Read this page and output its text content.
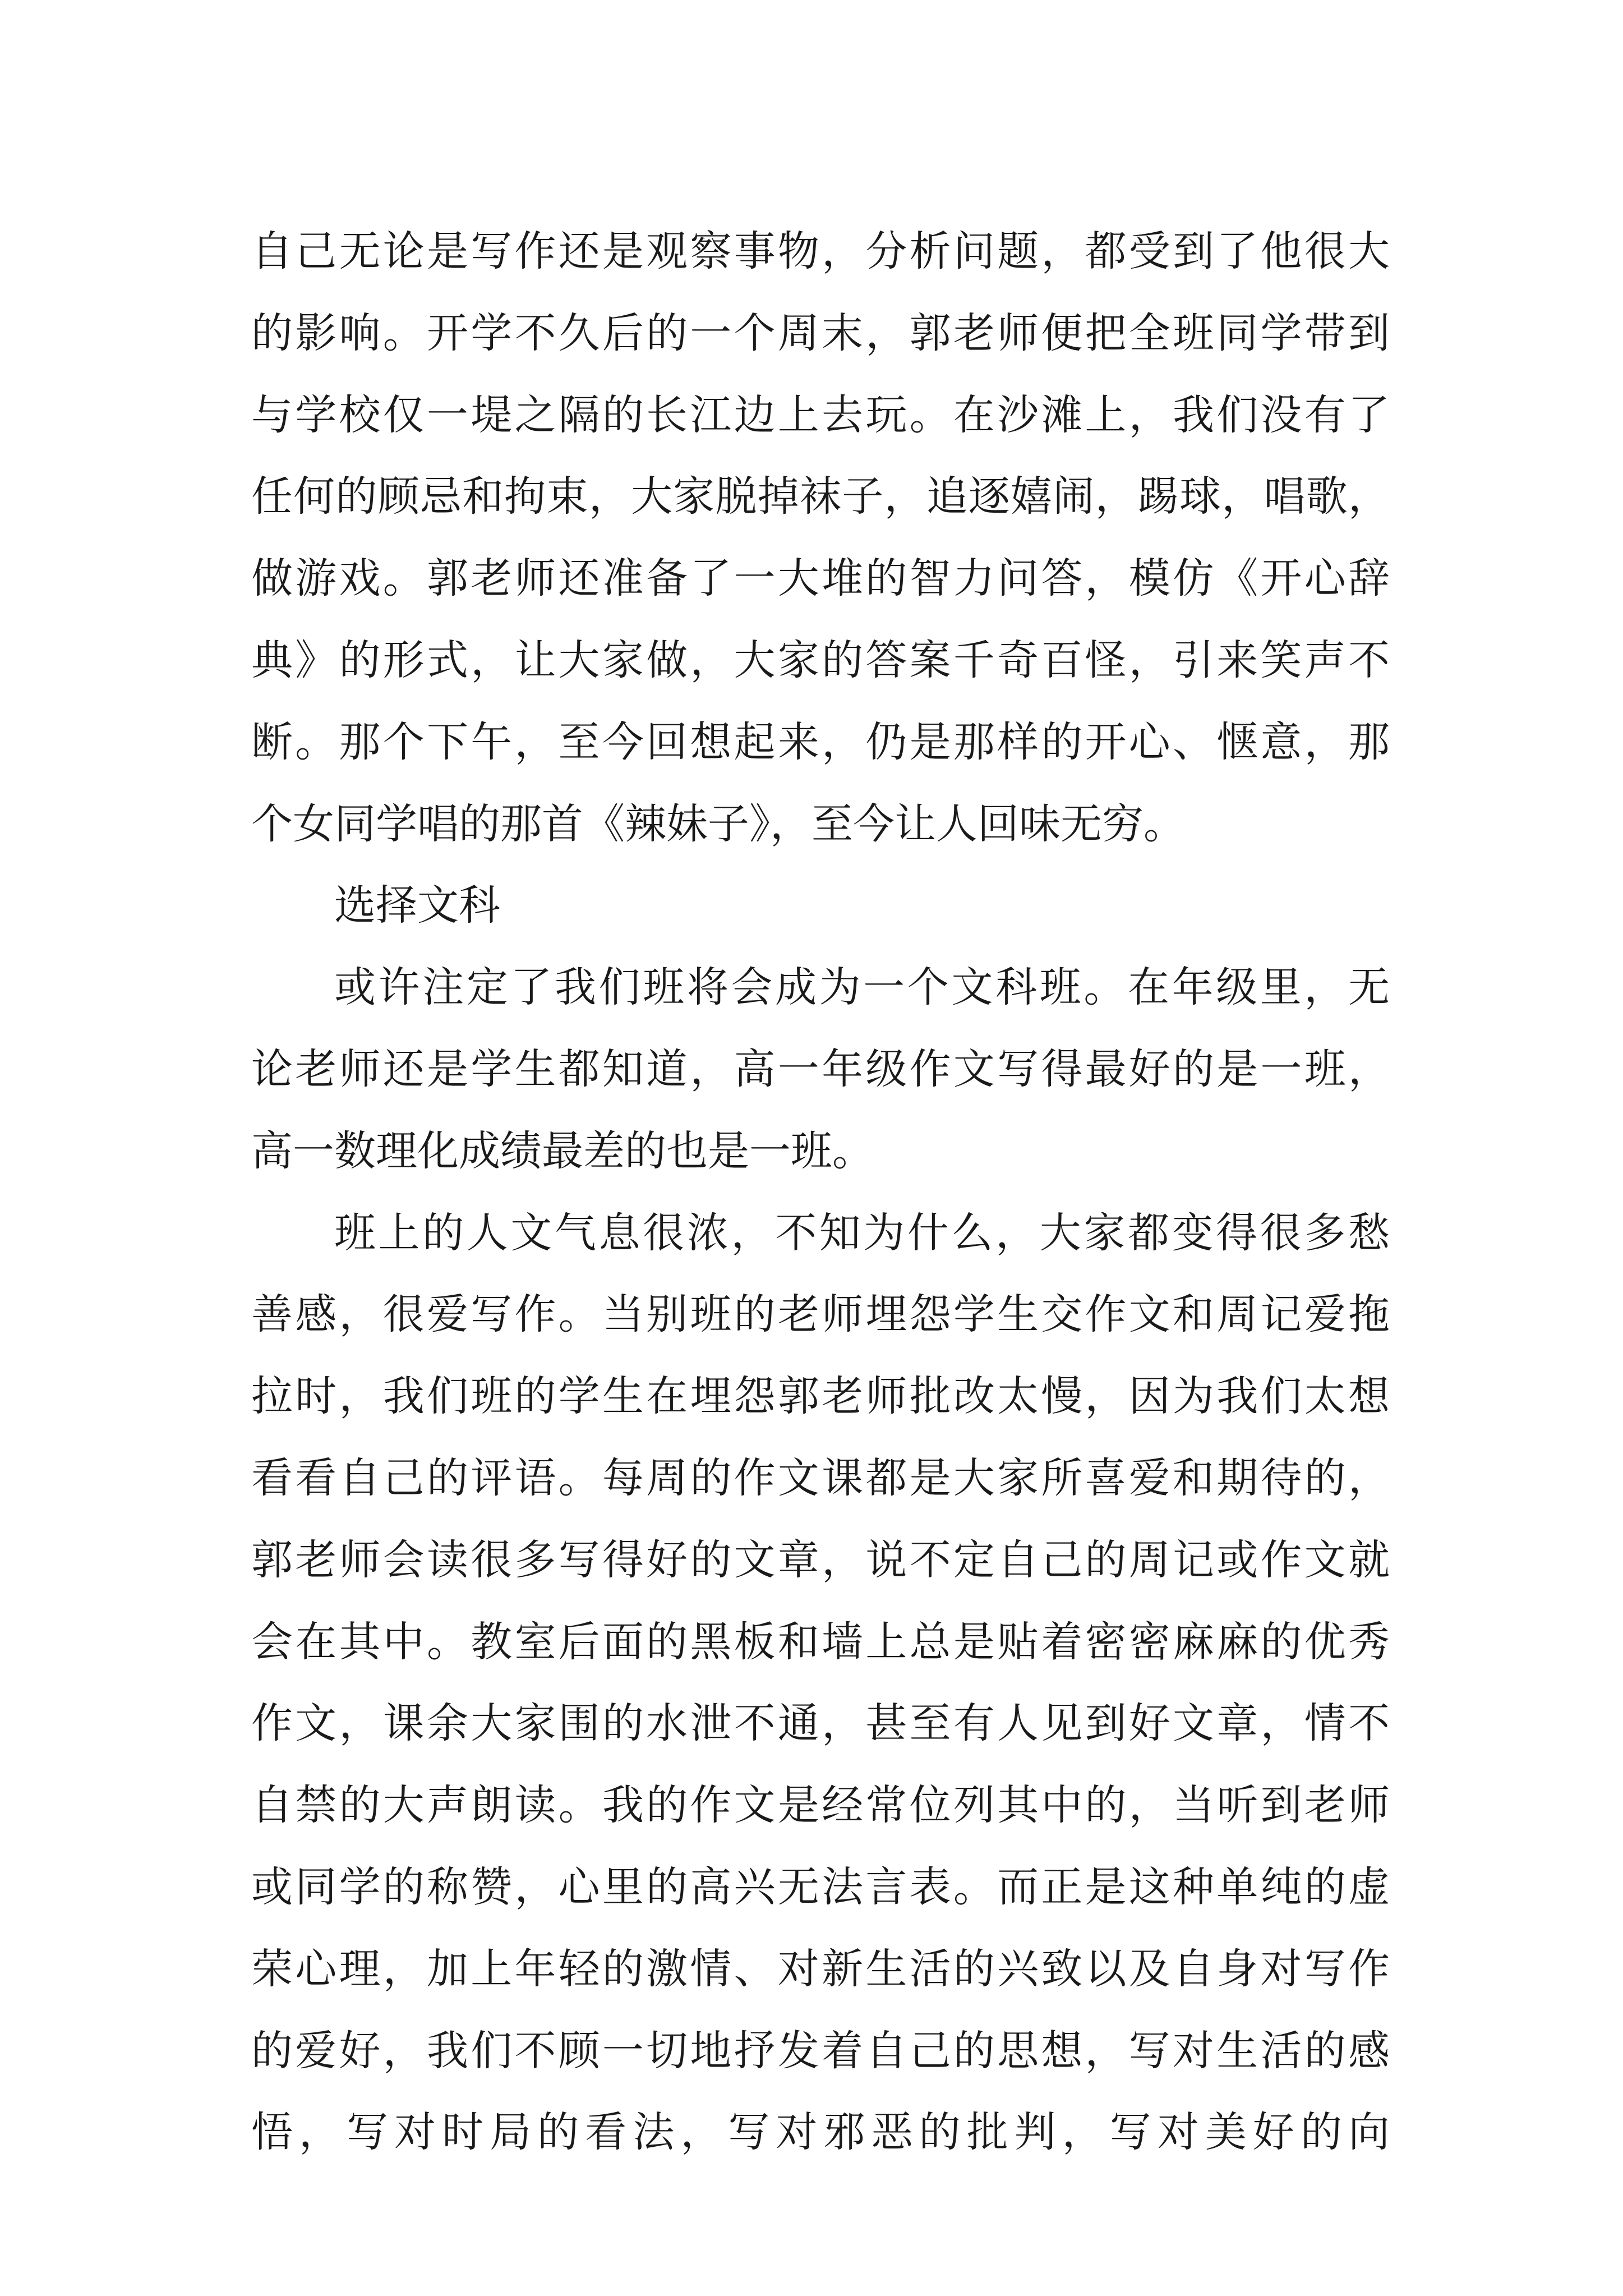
自己无论是写作还是观察事物，分析问题，都受到了他很大
的影响。开学不久后的一个周末，郭老师便把全班同学带到
与学校仅一堤之隔的长江边上去玩。在沙滩上，我们没有了
任何的顾忌和拘束，大家脱掉袜子，追逐嬉闹，踢球，唱歌，
做游戏。郭老师还准备了一大堆的智力问答，模仿《开心辞
典》的形式，让大家做，大家的答案千奇百怪，引来笑声不
断。那个下午，至今回想起来，仍是那样的开心、惬意，那
个女同学唱的那首《辣妹子》，至今让人回味无穷。
选择文科
或许注定了我们班将会成为一个文科班。在年级里，无
论老师还是学生都知道，高一年级作文写得最好的是一班，
高一数理化成绩最差的也是一班。
班上的人文气息很浓，不知为什么，大家都变得很多愁
善感，很爱写作。当别班的老师埋怨学生交作文和周记爱拖
拉时，我们班的学生在埋怨郭老师批改太慢，因为我们太想
看看自己的评语。每周的作文课都是大家所喜爱和期待的，
郭老师会读很多写得好的文章，说不定自己的周记或作文就
会在其中。教室后面的黑板和墙上总是贴着密密麻麻的优秀
作文，课余大家围的水泄不通，甚至有人见到好文章，情不
自禁的大声朗读。我的作文是经常位列其中的，当听到老师
或同学的称赞，心里的高兴无法言表。而正是这种单纯的虚
荣心理，加上年轻的激情、对新生活的兴致以及自身对写作
的爱好，我们不顾一切地抒发着自己的思想，写对生活的感
悟，写对时局的看法，写对邪恶的批判，写对美好的向
